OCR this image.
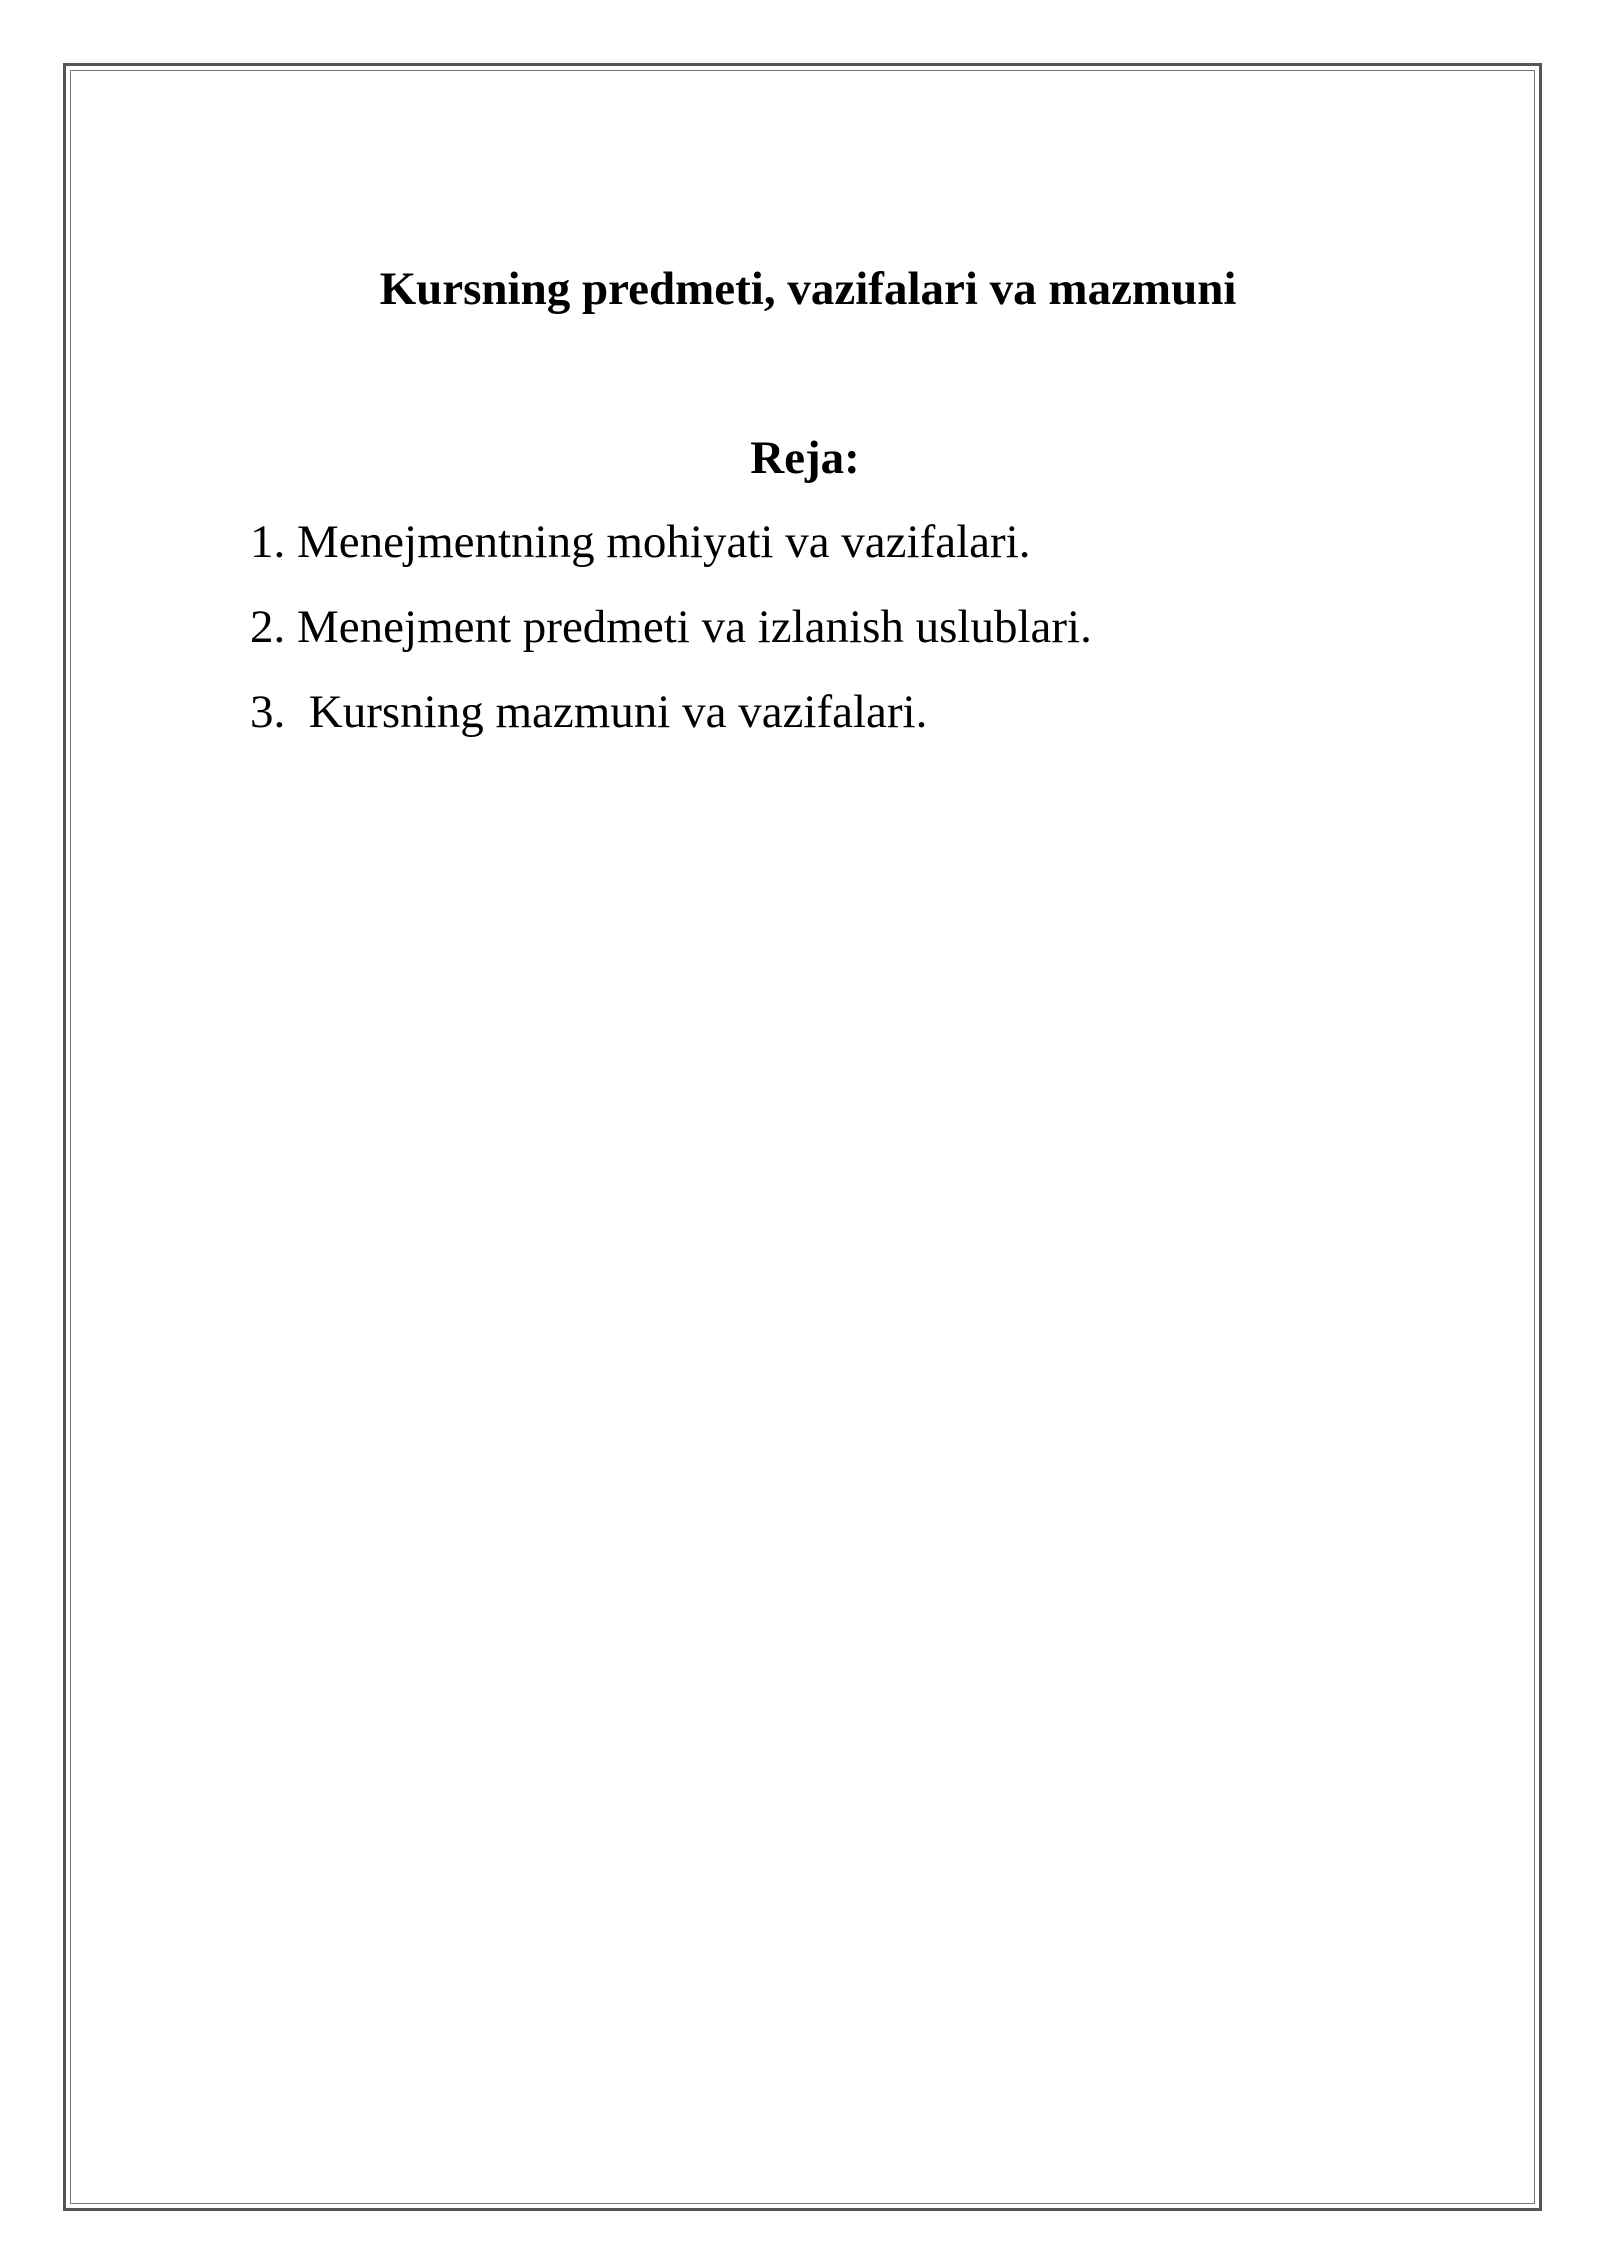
Kursning predmeti, vazifalari va mazmuni
Reja:
1. Menejmentning mohiyati va vazifalari.
2. Menejment predmeti va izlanish uslublari.
3.  Kursning mazmuni va vazifalari.
